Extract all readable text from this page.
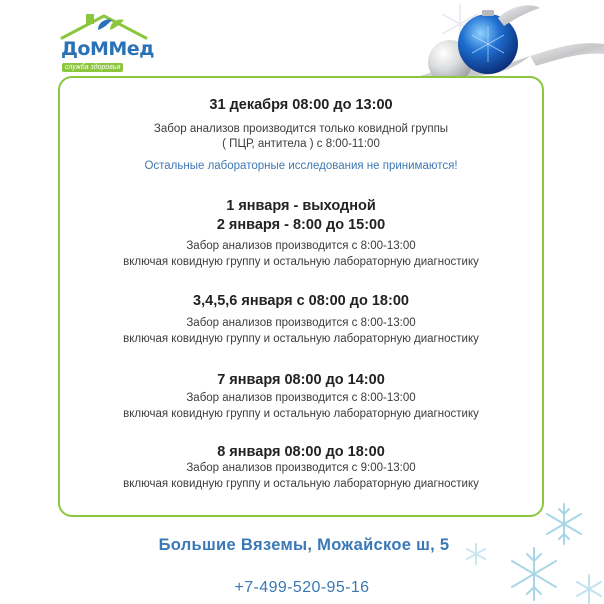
ДоММед
служба здоровья
31 декабря 08:00 до 13:00
Забор анализов производится только ковидной группы
( ПЦР, антитела ) с 8:00-11:00
Остальные лабораторные исследования не принимаются!
1 января - выходной
2 января - 8:00 до 15:00
Забор анализов производится с 8:00-13:00
включая ковидную группу и остальную лабораторную диагностику
3,4,5,6 января с 08:00 до 18:00
Забор анализов производится с 8:00-13:00
включая ковидную группу и остальную лабораторную диагностику
7 января 08:00 до 14:00
Забор анализов производится с 8:00-13:00
включая ковидную группу и остальную лабораторную диагностику
8 января 08:00 до 18:00
Забор анализов производится с 9:00-13:00
включая ковидную группу и остальную лабораторную диагностику
Большие Вяземы, Можайское ш, 5
+7-499-520-95-16
